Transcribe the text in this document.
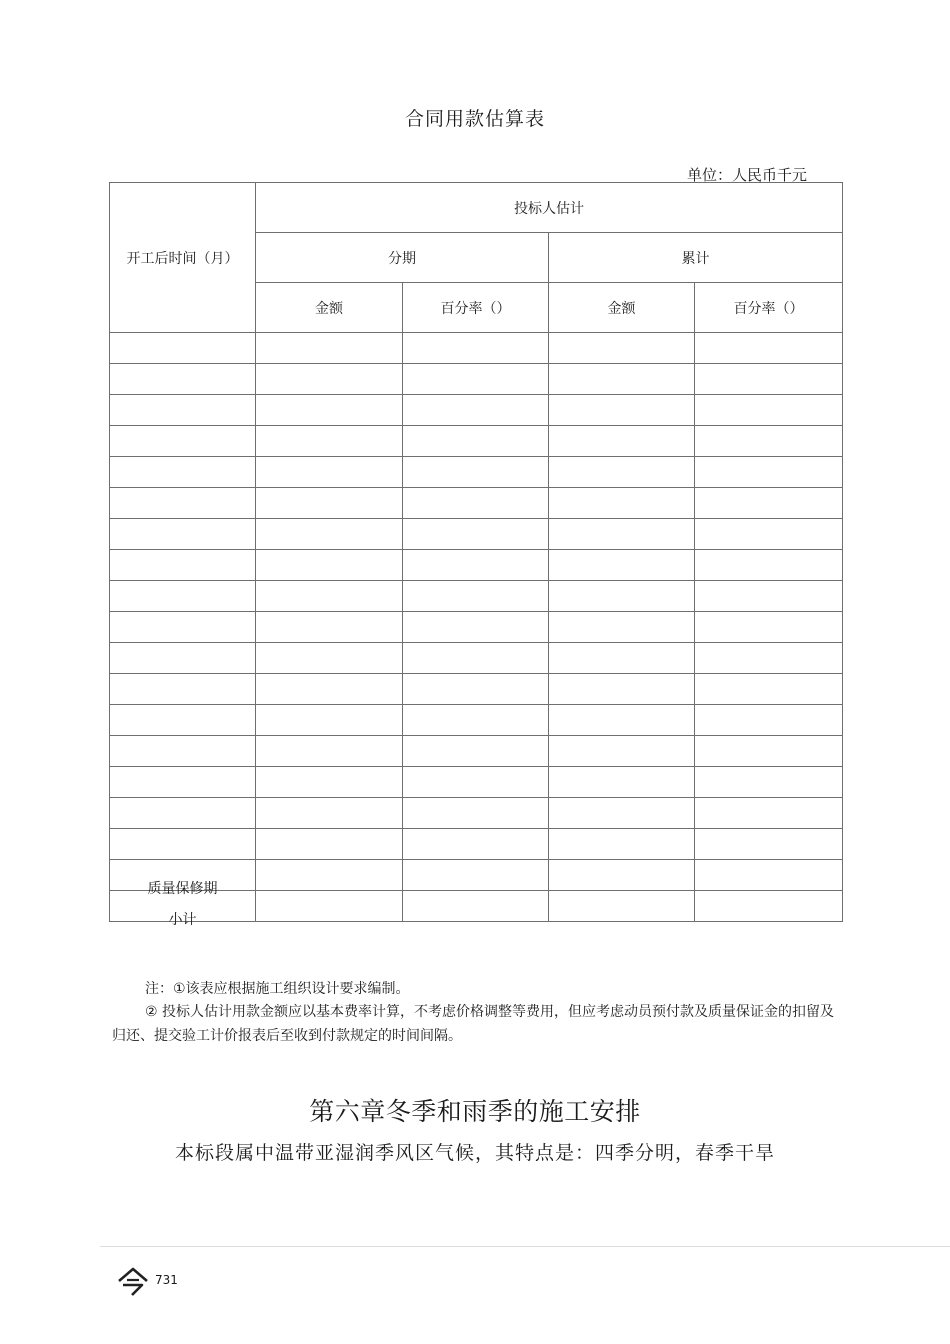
合同用款估算表
单位：人民币千元
开工后时间（月）	投标人估计			
	分期		累计	
	金额	百分率（）	金额	百分率（）

质量保修期				
小计				
注：①该表应根据施工组织设计要求编制。
② 投标人估计用款金额应以基本费率计算，不考虑价格调整等费用，但应考虑动员预付款及质量保证金的扣留及归还、提交验工计价报表后至收到付款规定的时间间隔。
第六章冬季和雨季的施工安排
本标段属中温带亚湿润季风区气候，其特点是：四季分明，春季干旱
731
